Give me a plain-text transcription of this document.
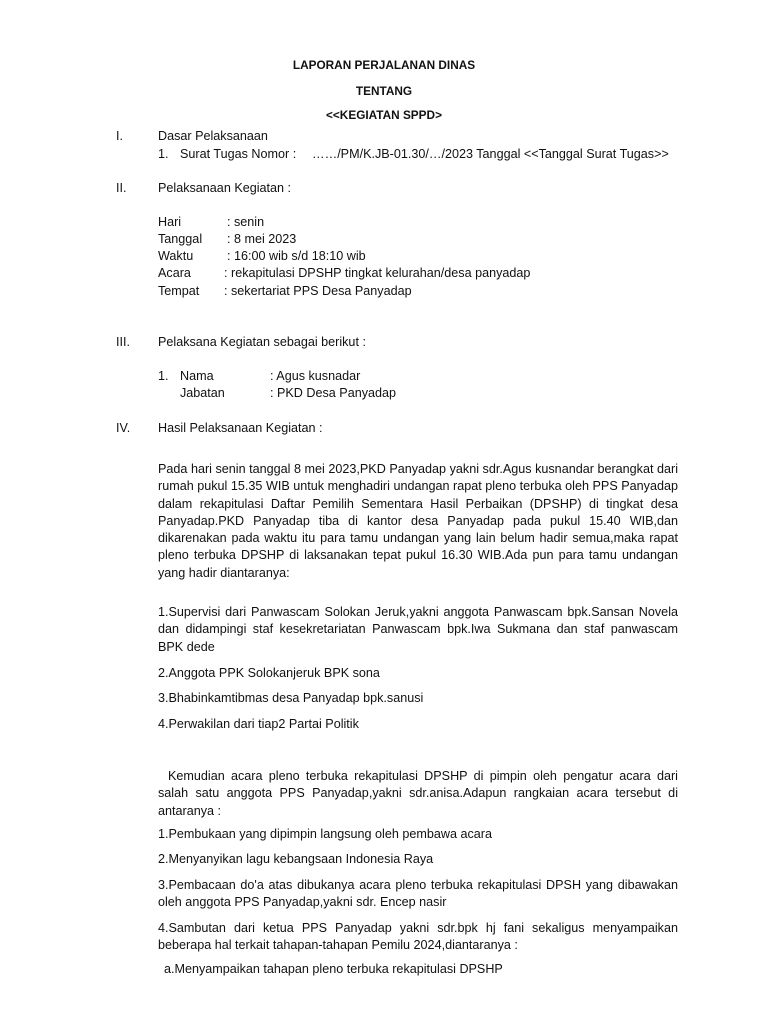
LAPORAN PERJALANAN DINAS
TENTANG
<<KEGIATAN SPPD>
I.	Dasar Pelaksanaan
1. Surat Tugas Nomor : ……/PM/K.JB-01.30/…/2023 Tanggal <<Tanggal Surat Tugas>>
II.	Pelaksanaan Kegiatan :
Hari	: senin
Tanggal : 8 mei 2023
Waktu	: 16:00 wib s/d 18:10 wib
Acara	: rekapitulasi DPSHP tingkat kelurahan/desa panyadap
Tempat : sekertariat PPS Desa Panyadap
III. Pelaksana Kegiatan sebagai berikut :
1. Nama	: Agus kusnadar
Jabatan	: PKD Desa Panyadap
IV. Hasil Pelaksanaan Kegiatan :

Pada hari senin tanggal 8 mei 2023,PKD Panyadap yakni sdr.Agus kusnandar berangkat dari rumah pukul 15.35 WIB untuk menghadiri undangan rapat pleno terbuka oleh PPS Panyadap dalam rekapitulasi Daftar Pemilih Sementara Hasil Perbaikan (DPSHP) di tingkat desa Panyadap.PKD Panyadap tiba di kantor desa Panyadap pada pukul 15.40 WIB,dan dikarenakan pada waktu itu para tamu undangan yang lain belum hadir semua,maka rapat pleno terbuka DPSHP di laksanakan tepat pukul 16.30 WIB.Ada pun para tamu undangan yang hadir diantaranya:

1.Supervisi dari Panwascam Solokan Jeruk,yakni anggota Panwascam bpk.Sansan Novela dan didampingi staf kesekretariatan Panwascam bpk.Iwa Sukmana dan staf panwascam BPK dede

2.Anggota PPK Solokanjeruk BPK sona

3.Bhabinkamtibmas desa Panyadap bpk.sanusi

4.Perwakilan dari tiap2 Partai Politik

Kemudian acara pleno terbuka rekapitulasi DPSHP di pimpin oleh pengatur acara dari salah satu anggota PPS Panyadap,yakni sdr.anisa.Adapun rangkaian acara tersebut di antaranya :

1.Pembukaan yang dipimpin langsung oleh pembawa acara

2.Menyanyikan lagu kebangsaan Indonesia Raya

3.Pembacaan do'a atas dibukanya acara pleno terbuka rekapitulasi DPSH yang dibawakan oleh anggota PPS Panyadap,yakni sdr. Encep nasir

4.Sambutan dari ketua PPS Panyadap yakni sdr.bpk hj fani sekaligus menyampaikan beberapa hal terkait tahapan-tahapan Pemilu 2024,diantaranya :

a.Menyampaikan tahapan pleno terbuka rekapitulasi DPSHP
